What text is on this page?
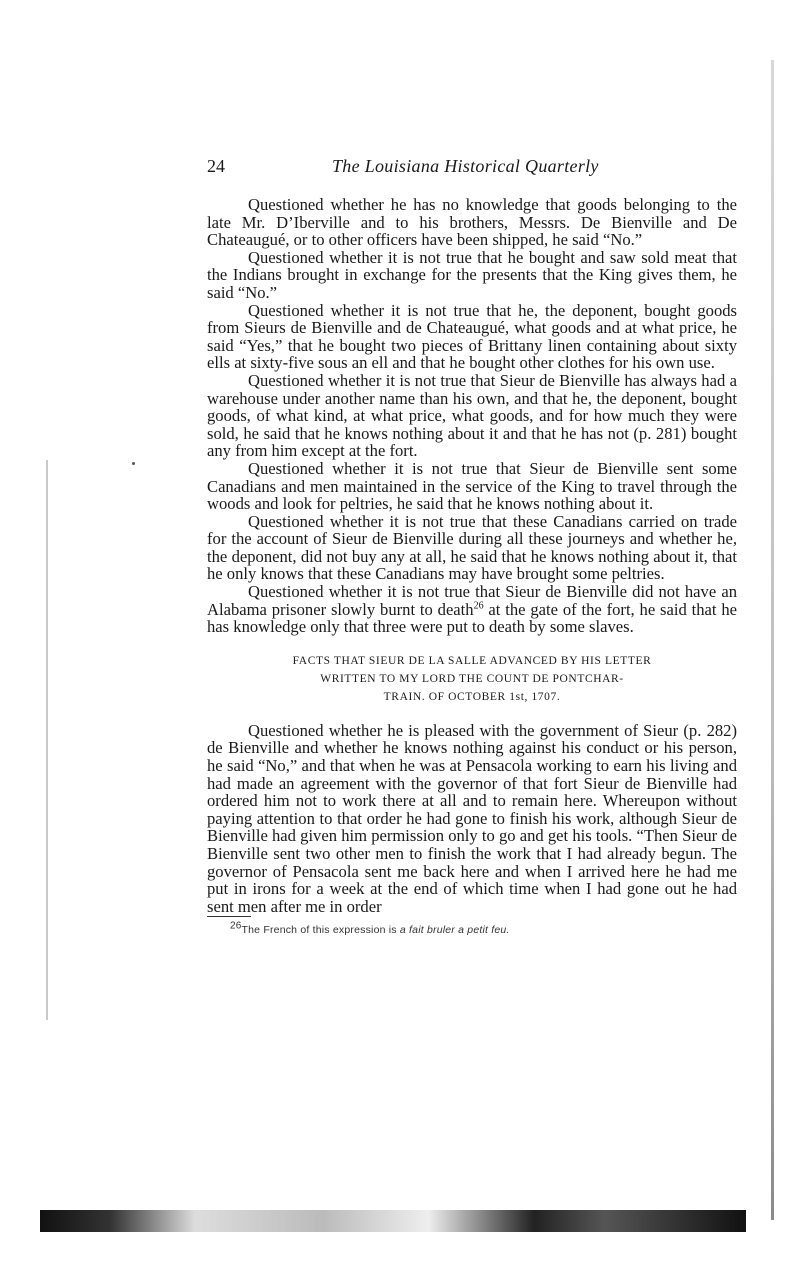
24	The Louisiana Historical Quarterly

Questioned whether he has no knowledge that goods belonging to the late Mr. D’Iberville and to his brothers, Messrs. De Bienville and De Chateaugué, or to other officers have been shipped, he said “No.”

Questioned whether it is not true that he bought and saw sold meat that the Indians brought in exchange for the presents that the King gives them, he said “No.”

Questioned whether it is not true that he, the deponent, bought goods from Sieurs de Bienville and de Chateaugué, what goods and at what price, he said “Yes,” that he bought two pieces of Brittany linen containing about sixty ells at sixty-five sous an ell and that he bought other clothes for his own use.

Questioned whether it is not true that Sieur de Bienville has always had a warehouse under another name than his own, and that he, the deponent, bought goods, of what kind, at what price, what goods, and for how much they were sold, he said that he knows nothing about it and that he has not (p. 281) bought any from him except at the fort.

Questioned whether it is not true that Sieur de Bienville sent some Canadians and men maintained in the service of the King to travel through the woods and look for peltries, he said that he knows nothing about it.

Questioned whether it is not true that these Canadians carried on trade for the account of Sieur de Bienville during all these journeys and whether he, the deponent, did not buy any at all, he said that he knows nothing about it, that he only knows that these Canadians may have brought some peltries.

Questioned whether it is not true that Sieur de Bienville did not have an Alabama prisoner slowly burnt to death$^{26}$ at the gate of the fort, he said that he has knowledge only that three were put to death by some slaves.

FACTS THAT SIEUR DE LA SALLE ADVANCED BY HIS LETTER
WRITTEN TO MY LORD THE COUNT DE PONTCHAR-
TRAIN. OF OCTOBER 1st, 1707.

Questioned whether he is pleased with the government of Sieur (p. 282) de Bienville and whether he knows nothing against his conduct or his person, he said “No,” and that when he was at Pensacola working to earn his living and had made an agreement with the governor of that fort Sieur de Bienville had ordered him not to work there at all and to remain here. Whereupon without paying attention to that order he had gone to finish his work, although Sieur de Bienville had given him permission only to go and get his tools. “Then Sieur de Bienville sent two other men to finish the work that I had already begun. The governor of Pensacola sent me back here and when I arrived here he had me put in irons for a week at the end of which time when I had gone out he had sent men after me in order

26The French of this expression is a fait bruler a petit feu.
